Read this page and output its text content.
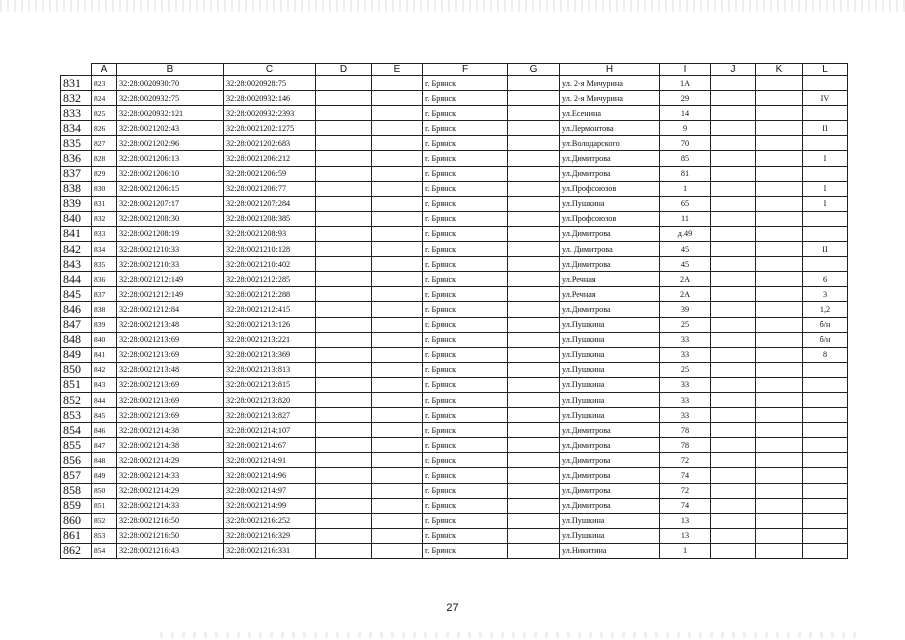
	A	B	C	D	E	F	G	H	I	J	K	L
831	823	32:28:0020930:70	32:28:0020928:75			г. Брянск		ул. 2-я Мичурина	1А			
832	824	32:28:0020932:75	32:28:0020932:146			г. Брянск		ул. 2-я Мичурина	29			IV
833	825	32:28:0020932:121	32:28:0020932:2393			г. Брянск		ул.Есенина	14			
834	826	32:28:0021202:43	32:28:0021202:1275			г. Брянск		ул.Лермонтова	9			II
835	827	32:28:0021202:96	32:28:0021202:683			г. Брянск		ул.Володарского	70			
836	828	32:28:0021206:13	32:28:0021206:212			г. Брянск		ул.Димитрова	85			I
837	829	32:28:0021206:10	32:28:0021206:59			г. Брянск		ул.Димитрова	81			
838	830	32:28:0021206:15	32:28:0021206:77			г. Брянск		ул.Профсоюзов	1			I
839	831	32:28:0021207:17	32:28:0021207:284			г. Брянск		ул.Пушкина	65			I
840	832	32:28:0021208:30	32:28:0021208:385			г. Брянск		ул.Профсоюзов	11			
841	833	32:28:0021208:19	32:28:0021208:93			г. Брянск		ул.Димитрова	д.49			
842	834	32:28:0021210:33	32:28:0021210:128			г. Брянск		ул. Димитрова	45			II
843	835	32:28:0021210:33	32:28:0021210:402			г. Брянск		ул.Димитрова	45			
844	836	32:28:0021212:149	32:28:0021212:285			г. Брянск		ул.Речная	2А			6
845	837	32:28:0021212:149	32:28:0021212:288			г. Брянск		ул.Речная	2А			3
846	838	32:28:0021212:84	32:28:0021212:415			г. Брянск		ул.Димитрова	39			1,2
847	839	32:28:0021213:48	32:28:0021213:126			г. Брянск		ул.Пушкина	25			б/н
848	840	32:28:0021213:69	32:28:0021213:221			г. Брянск		ул.Пушкина	33			б/н
849	841	32:28:0021213:69	32:28:0021213:369			г. Брянск		ул.Пушкина	33			8
850	842	32:28:0021213:48	32:28:0021213:813			г. Брянск		ул.Пушкина	25			
851	843	32:28:0021213:69	32:28:0021213:815			г. Брянск		ул.Пушкина	33			
852	844	32:28:0021213:69	32:28:0021213:820			г. Брянск		ул.Пушкина	33			
853	845	32:28:0021213:69	32:28:0021213:827			г. Брянск		ул.Пушкина	33			
854	846	32:28:0021214:38	32:28:0021214:107			г. Брянск		ул.Димитрова	78			
855	847	32:28:0021214:38	32:28:0021214:67			г. Брянск		ул.Димитрова	78			
856	848	32:28:0021214:29	32:28:0021214:91			г. Брянск		ул.Димитрова	72			
857	849	32:28:0021214:33	32:28:0021214:96			г. Брянск		ул.Димитрова	74			
858	850	32:28:0021214:29	32:28:0021214:97			г. Брянск		ул.Димитрова	72			
859	851	32:28:0021214:33	32:28:0021214:99			г. Брянск		ул.Димитрова	74			
860	852	32:28:0021216:50	32:28:0021216:252			г. Брянск		ул.Пушкина	13			
861	853	32:28:0021216:50	32:28:0021216:329			г. Брянск		ул.Пушкина	13			
862	854	32:28:0021216:43	32:28:0021216:331			г. Брянск		ул.Никитина	1			
27
